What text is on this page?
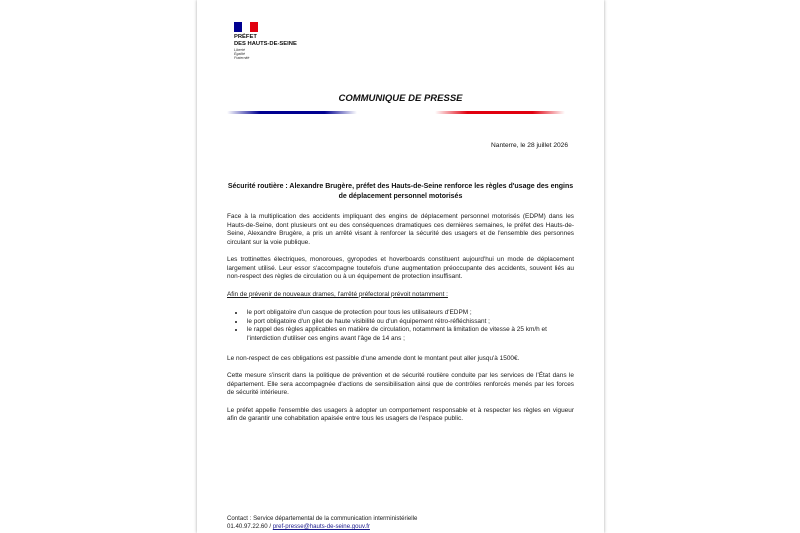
PRÉFET
DES HAUTS-DE-SEINE
Liberté
Égalité
Fraternité
COMMUNIQUE DE PRESSE
Nanterre, le 28 juillet 2026
Sécurité routière : Alexandre Brugère, préfet des Hauts-de-Seine renforce les règles d'usage des engins de déplacement personnel motorisés

Face à la multiplication des accidents impliquant des engins de déplacement personnel motorisés (EDPM) dans les Hauts-de-Seine, dont plusieurs ont eu des conséquences dramatiques ces dernières semaines, le préfet des Hauts-de-Seine, Alexandre Brugère, a pris un arrêté visant à renforcer la sécurité des usagers et de l'ensemble des personnes circulant sur la voie publique.

Les trottinettes électriques, monoroues, gyropodes et hoverboards constituent aujourd'hui un mode de déplacement largement utilisé. Leur essor s'accompagne toutefois d'une augmentation préoccupante des accidents, souvent liés au non-respect des règles de circulation ou à un équipement de protection insuffisant.

Afin de prévenir de nouveaux drames, l'arrêté préfectoral prévoit notamment :

• le port obligatoire d'un casque de protection pour tous les utilisateurs d'EDPM ;
• le port obligatoire d'un gilet de haute visibilité ou d'un équipement rétro-réfléchissant ;
• le rappel des règles applicables en matière de circulation, notamment la limitation de vitesse à 25 km/h et l'interdiction d'utiliser ces engins avant l'âge de 14 ans ;

Le non-respect de ces obligations est passible d'une amende dont le montant peut aller jusqu'à 1500€.

Cette mesure s'inscrit dans la politique de prévention et de sécurité routière conduite par les services de l'État dans le département. Elle sera accompagnée d'actions de sensibilisation ainsi que de contrôles renforcés menés par les forces de sécurité intérieure.

Le préfet appelle l'ensemble des usagers à adopter un comportement responsable et à respecter les règles en vigueur afin de garantir une cohabitation apaisée entre tous les usagers de l'espace public.

Contact : Service départemental de la communication interministérielle
01.40.97.22.60 / pref-presse@hauts-de-seine.gouv.fr
